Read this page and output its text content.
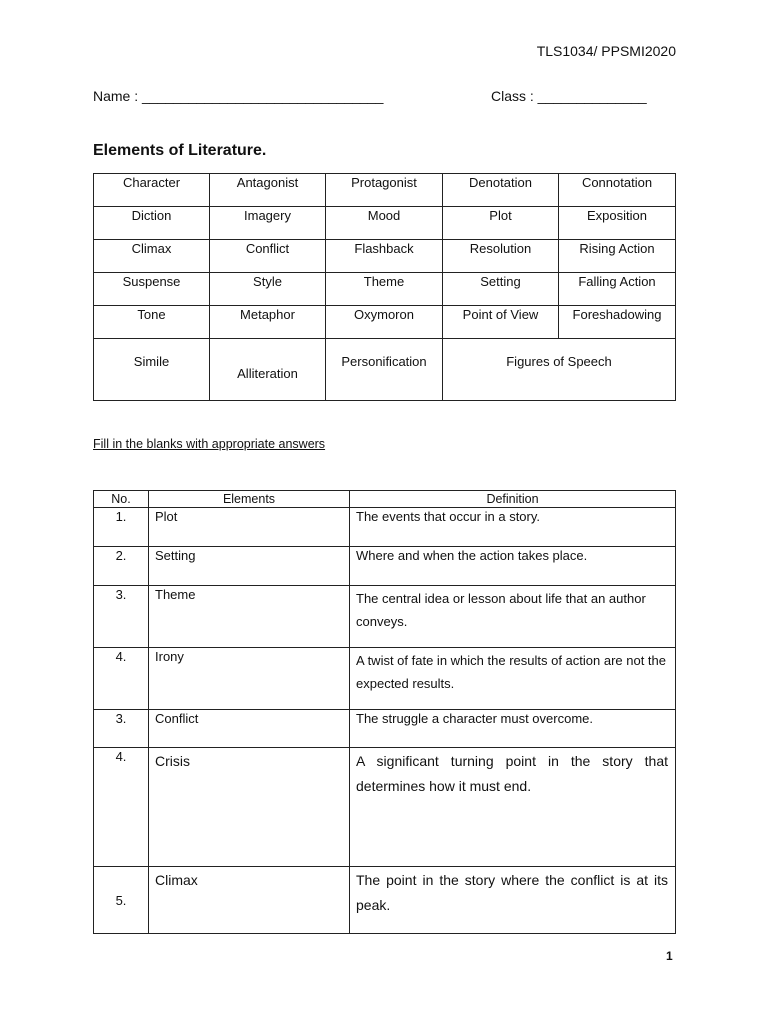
TLS1034/ PPSMI2020
Name : _______________________________	Class : ______________
Elements of Literature.
Character	Antagonist	Protagonist	Denotation	Connotation
Diction	Imagery	Mood	Plot	Exposition
Climax	Conflict	Flashback	Resolution	Rising Action
Suspense	Style	Theme	Setting	Falling Action
Tone	Metaphor	Oxymoron	Point of View	Foreshadowing
Simile	Alliteration	Personification	Figures of Speech	
Fill in the blanks with appropriate answers
No.	Elements	Definition
1.	Plot	The events that occur in a story.
2.	Setting	Where and when the action takes place.
3.	Theme	The central idea or lesson about life that an author conveys.
4.	Irony	A twist of fate in which the results of action are not the expected results.
3.	Conflict	The struggle a character must overcome.
4.	Crisis	A significant turning point in the story that determines how it must end.
5.	Climax	The point in the story where the conflict is at its peak.
1
